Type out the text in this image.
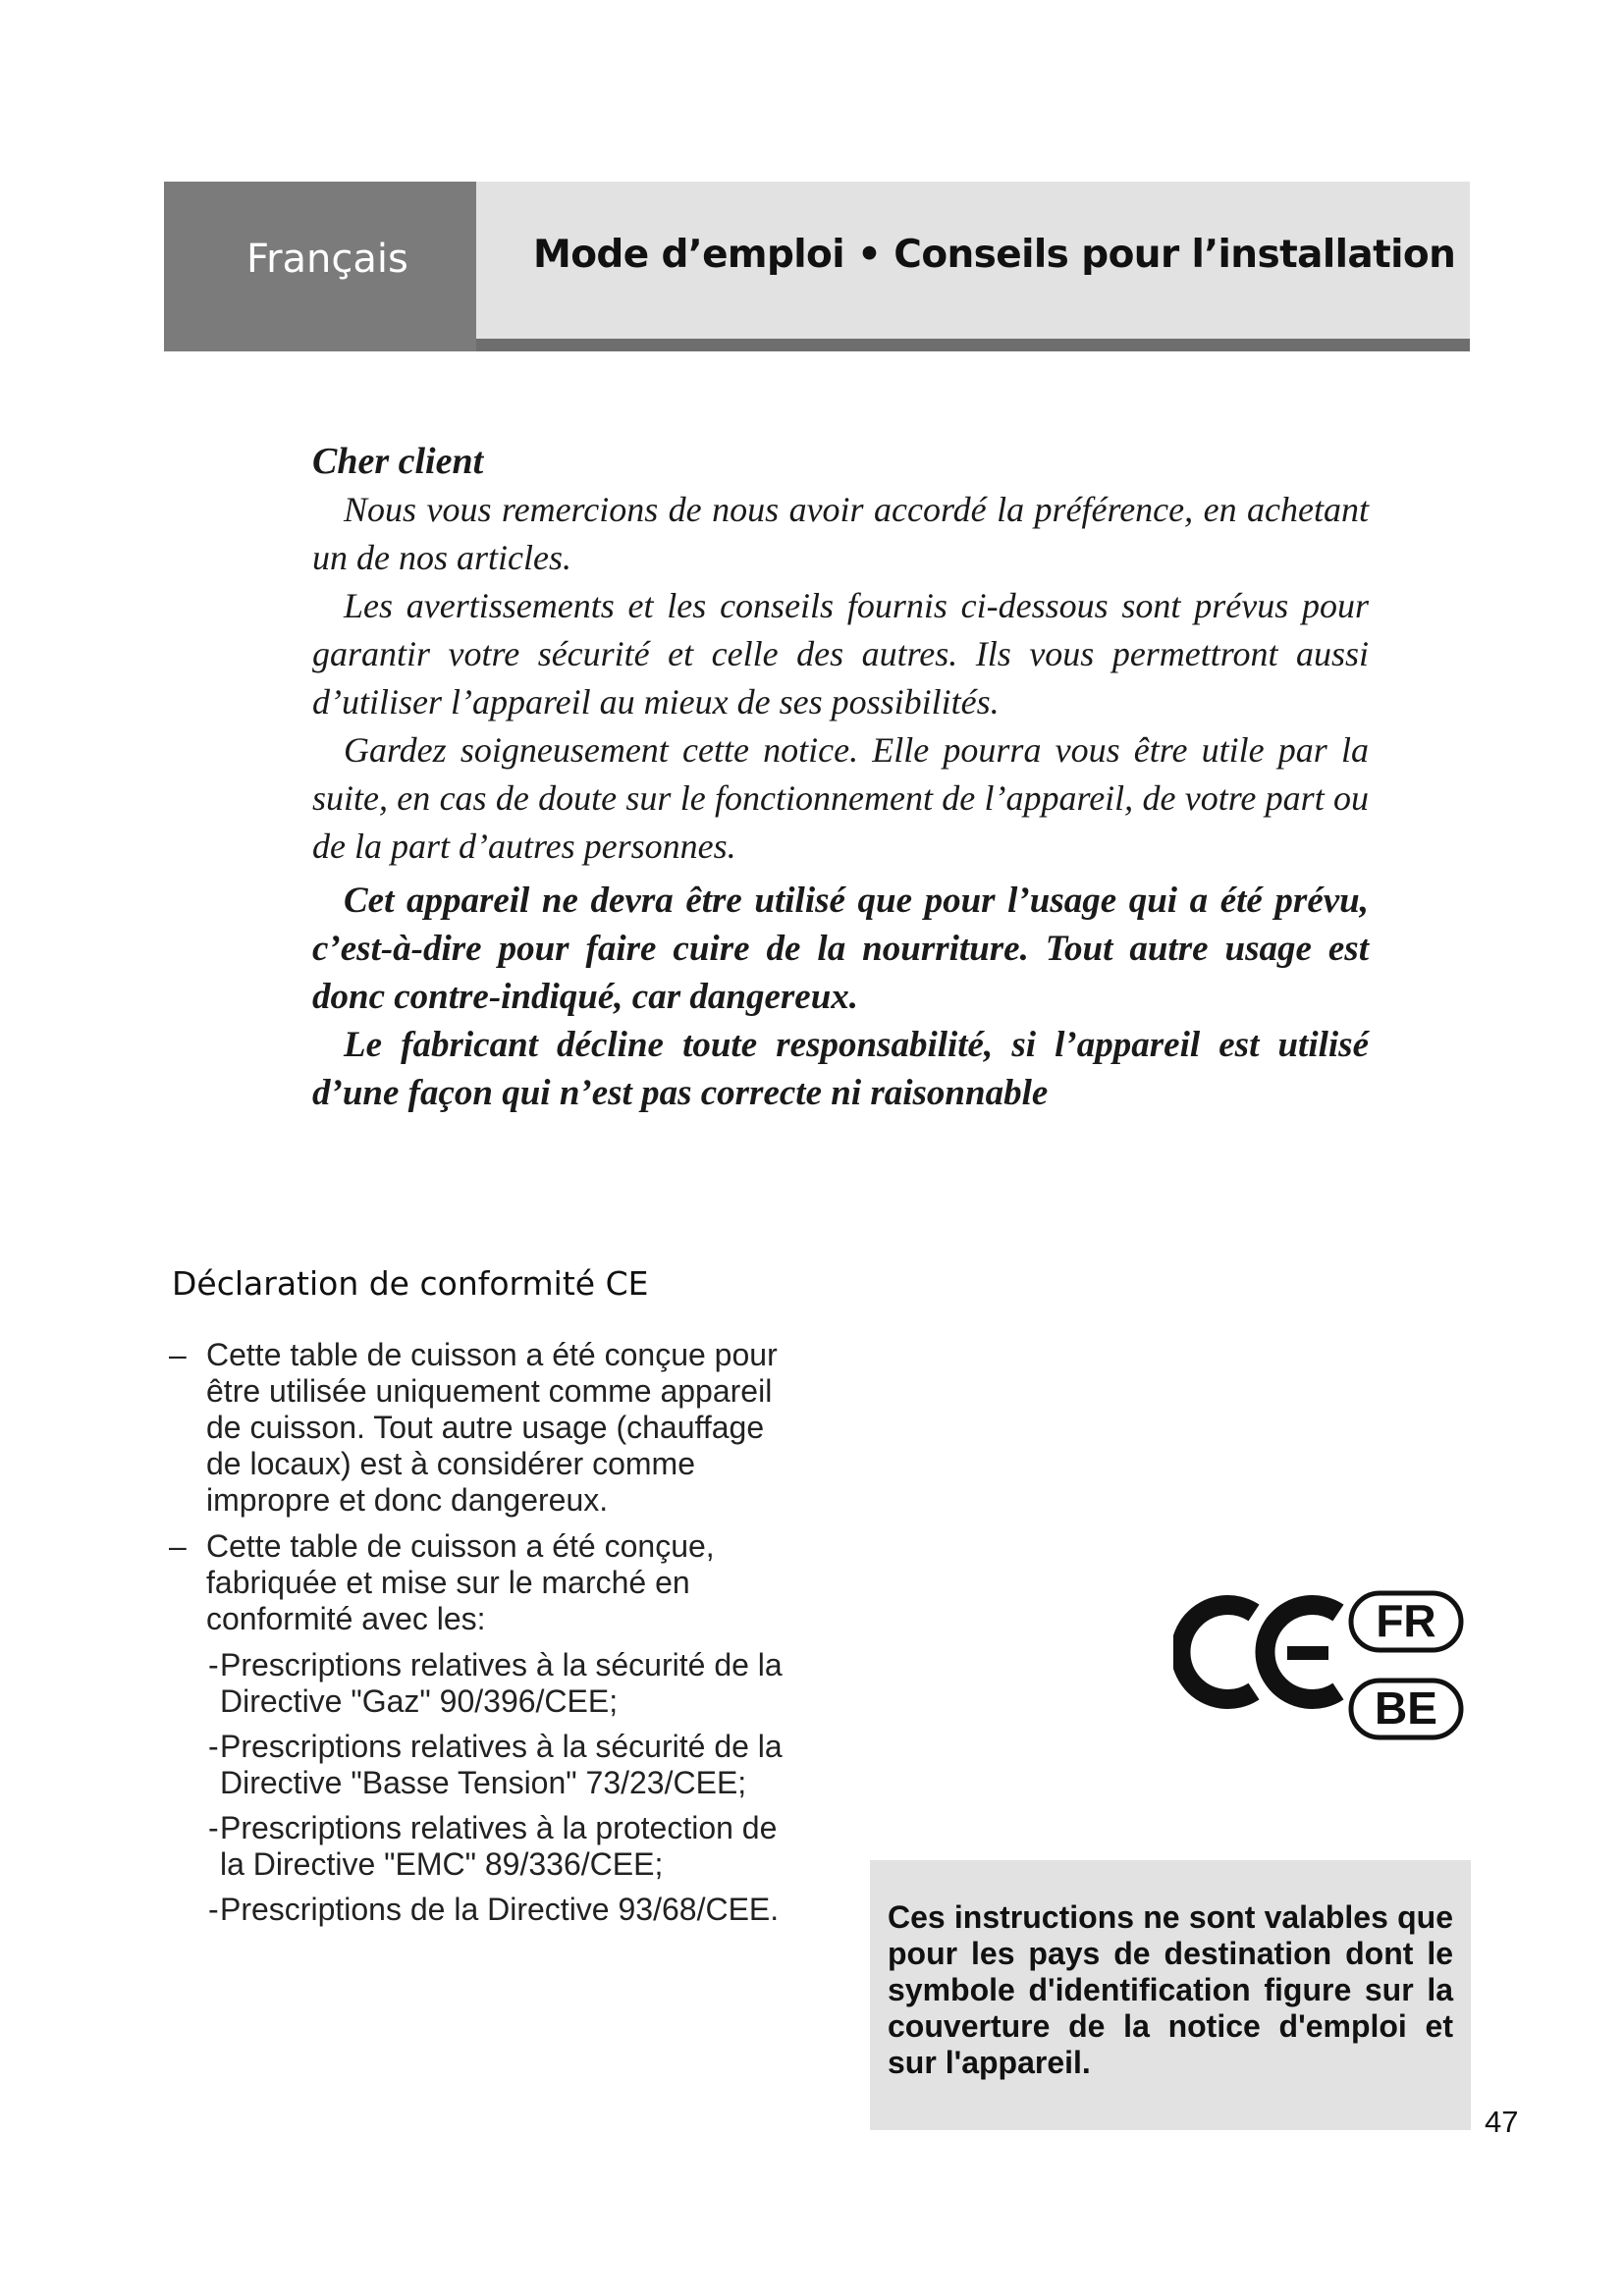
Français	Mode d’emploi • Conseils pour l’installation
Cher client

Nous vous remercions de nous avoir accordé la préférence, en achetant un de nos articles.

Les avertissements et les conseils fournis ci-dessous sont prévus pour garantir votre sécurité et celle des autres. Ils vous permettront aussi d’utiliser l’appareil au mieux de ses possibilités.

Gardez soigneusement cette notice. Elle pourra vous être utile par la suite, en cas de doute sur le fonctionnement de l’appareil, de votre part ou de la part d’autres personnes.

Cet appareil ne devra être utilisé que pour l’usage qui a été prévu, c’est-à-dire pour faire cuire de la nourriture. Tout autre usage est donc contre-indiqué, car dangereux.

Le fabricant décline toute responsabilité, si l’appareil est utilisé d’une façon qui n’est pas correcte ni raisonnable

Déclaration de conformité CE
– Cette table de cuisson a été conçue pour être utilisée uniquement comme appareil de cuisson. Tout autre usage (chauffage de locaux) est à considérer comme impropre et donc dangereux.
– Cette table de cuisson a été conçue, fabriquée et mise sur le marché en conformité avec les:
- Prescriptions relatives à la sécurité de la Directive "Gaz" 90/396/CEE;
- Prescriptions relatives à la sécurité de la Directive "Basse Tension" 73/23/CEE;
- Prescriptions relatives à la protection de la Directive "EMC" 89/336/CEE;
- Prescriptions de la Directive 93/68/CEE.
FR
BE
Ces instructions ne sont valables que pour les pays de destination dont le symbole d'identification figure sur la couverture de la notice d'emploi et sur l'appareil.
47
